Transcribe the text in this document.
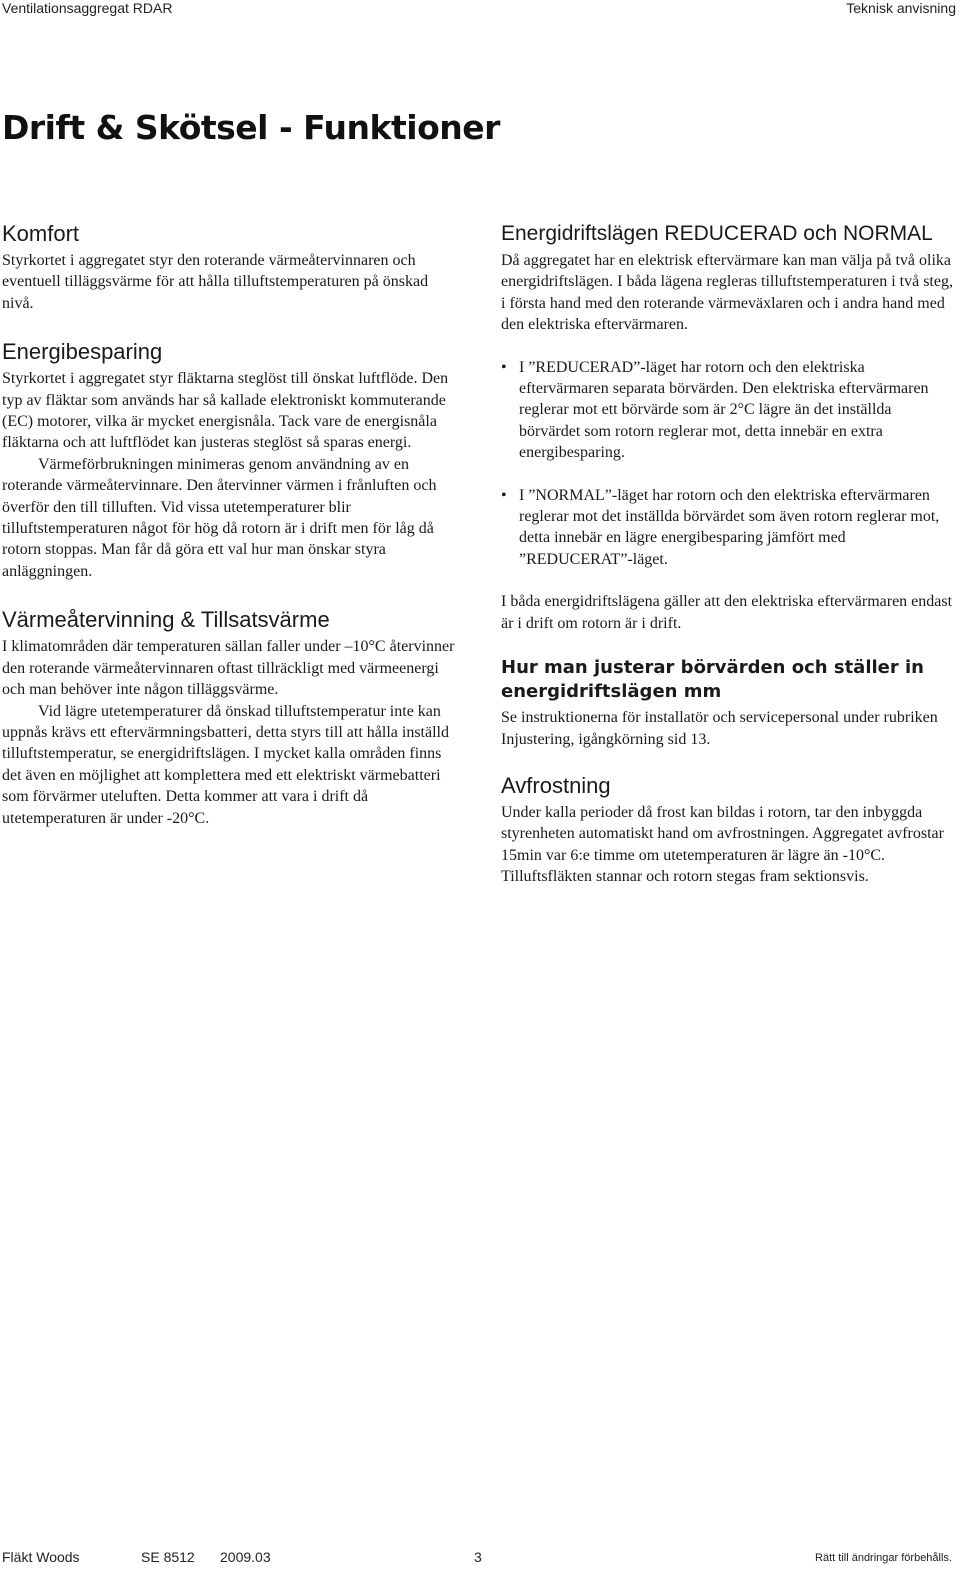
Ventilationsaggregat RDAR	Teknisk anvisning
Drift & Skötsel - Funktioner
Komfort

Styrkortet i aggregatet styr den roterande värmeåtervinnaren och eventuell tilläggsvärme för att hålla tilluftstemperaturen på önskad nivå.

Energibesparing

Styrkortet i aggregatet styr fläktarna steglöst till önskat luftflöde. Den typ av fläktar som används har så kallade elektroniskt kommuterande (EC) motorer, vilka är mycket energisnåla. Tack vare de energisnåla fläktarna och att luftflödet kan justeras steglöst så sparas energi.

Värmeförbrukningen minimeras genom användning av en roterande värmeåtervinnare. Den återvinner värmen i frånluften och överför den till tilluften. Vid vissa utetemperaturer blir tilluftstemperaturen något för hög då rotorn är i drift men för låg då rotorn stoppas. Man får då göra ett val hur man önskar styra anläggningen.

Värmeåtervinning & Tillsatsvärme

I klimatområden där temperaturen sällan faller under –10°C återvinner den roterande värmeåtervinnaren oftast tillräckligt med värmeenergi och man behöver inte någon tilläggsvärme.

Vid lägre utetemperaturer då önskad tilluftstemperatur inte kan uppnås krävs ett eftervärmningsbatteri, detta styrs till att hålla inställd tilluftstemperatur, se energidriftslägen. I mycket kalla områden finns det även en möjlighet att komplettera med ett elektriskt värmebatteri som förvärmer uteluften. Detta kommer att vara i drift då utetemperaturen är under -20°C.

Energidriftslägen REDUCERAD och NORMAL

Då aggregatet har en elektrisk eftervärmare kan man välja på två olika energidriftslägen. I båda lägena regleras tilluftstemperaturen i två steg, i första hand med den roterande värmeväxlaren och i andra hand med den elektriska eftervärmaren.

• I ”REDUCERAD”-läget har rotorn och den elektriska eftervärmaren separata börvärden. Den elektriska eftervärmaren reglerar mot ett börvärde som är 2°C lägre än det inställda börvärdet som rotorn reglerar mot, detta innebär en extra energibesparing.
• I ”NORMAL”-läget har rotorn och den elektriska eftervärmaren reglerar mot det inställda börvärdet som även rotorn reglerar mot, detta innebär en lägre energibesparing jämfört med ”REDUCERAT”-läget.

I båda energidriftslägena gäller att den elektriska eftervärmaren endast är i drift om rotorn är i drift.

Hur man justerar börvärden och ställer in energidriftslägen mm

Se instruktionerna för installatör och servicepersonal under rubriken Injustering, igångkörning sid 13.

Avfrostning

Under kalla perioder då frost kan bildas i rotorn, tar den inbyggda styrenheten automatiskt hand om avfrostningen. Aggregatet avfrostar 15min var 6:e timme om utetemperaturen är lägre än -10°C. Tilluftsfläkten stannar och rotorn stegas fram sektionsvis.

Fläkt Woods	SE 8512 2009.03	3	Rätt till ändringar förbehålls.
